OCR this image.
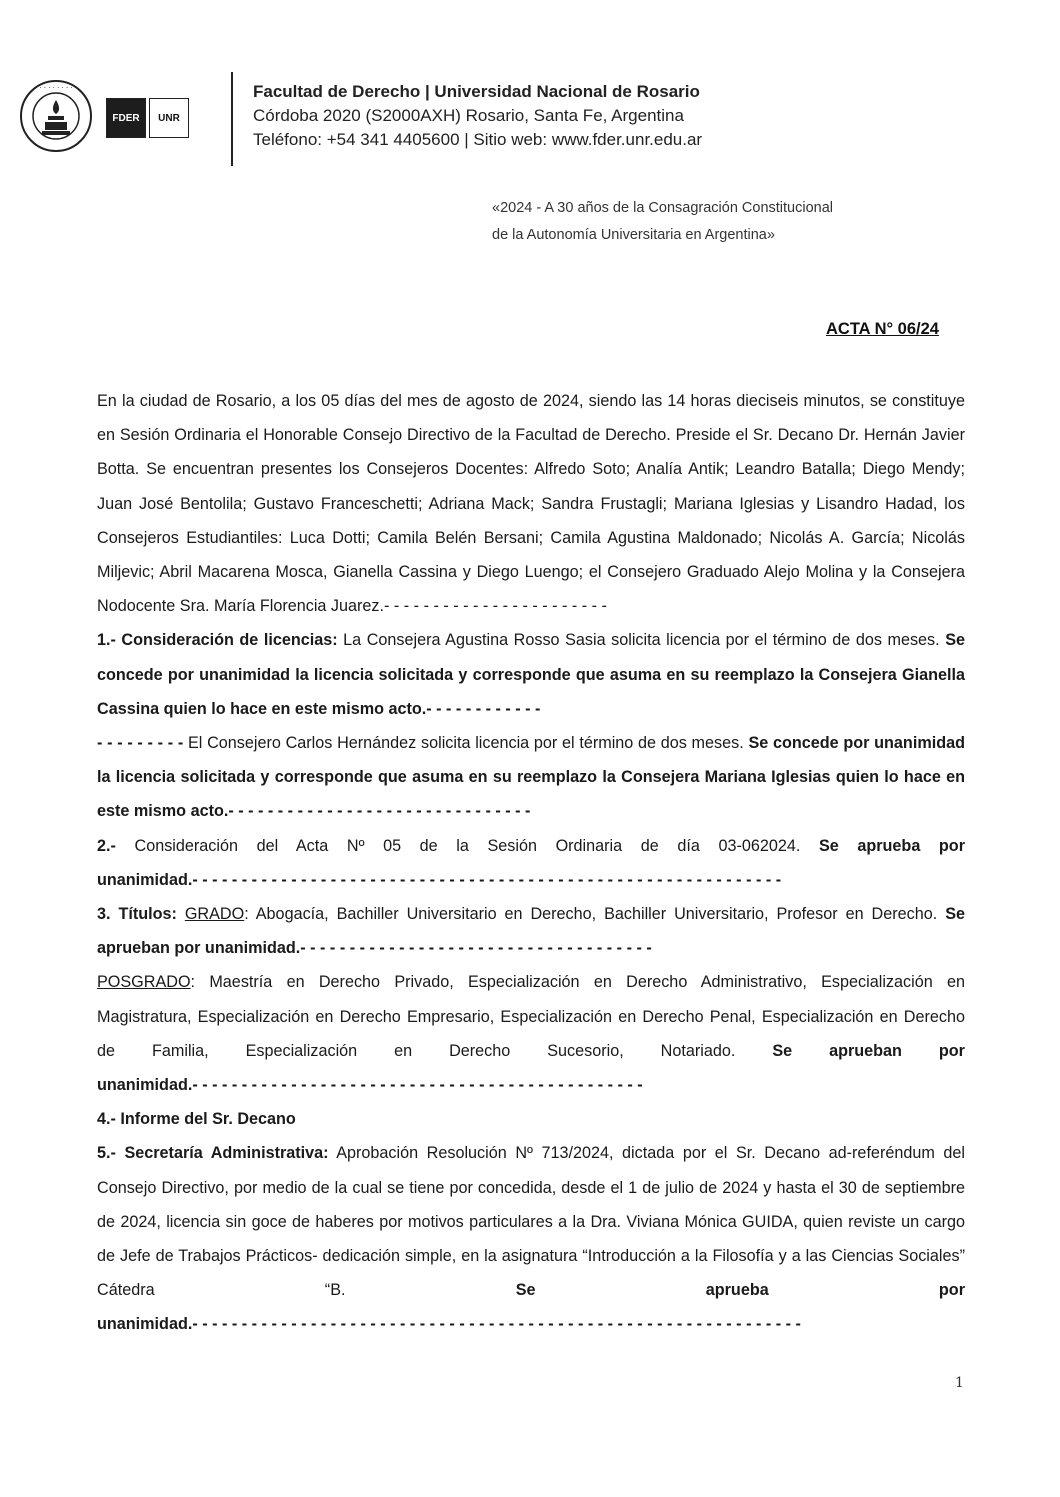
· · · · · · · ·
FDER	UNR
Facultad de Derecho | Universidad Nacional de Rosario
Córdoba 2020 (S2000AXH) Rosario, Santa Fe, Argentina
Teléfono: +54 341 4405600 | Sitio web: www.fder.unr.edu.ar
«2024 - A 30 años de la Consagración Constitucional
de la Autonomía Universitaria en Argentina»
ACTA N° 06/24

En la ciudad de Rosario, a los 05 días del mes de agosto de 2024, siendo las 14 horas dieciseis minutos, se constituye en Sesión Ordinaria el Honorable Consejo Directivo de la Facultad de Derecho. Preside el Sr. Decano Dr. Hernán Javier Botta. Se encuentran presentes los Consejeros Docentes: Alfredo Soto; Analía Antik; Leandro Batalla; Diego Mendy; Juan José Bentolila; Gustavo Franceschetti; Adriana Mack; Sandra Frustagli; Mariana Iglesias y Lisandro Hadad, los Consejeros Estudiantiles: Luca Dotti; Camila Belén Bersani; Camila Agustina Maldonado; Nicolás A. García; Nicolás Miljevic; Abril Macarena Mosca, Gianella Cassina y Diego Luengo; el Consejero Graduado Alejo Molina y la Consejera Nodocente Sra. María Florencia Juarez.- - - - - - - - - - - - - - - - - - - - - - -

1.- Consideración de licencias: La Consejera Agustina Rosso Sasia solicita licencia por el término de dos meses. Se concede por unanimidad la licencia solicitada y corresponde que asuma en su reemplazo la Consejera Gianella Cassina quien lo hace en este mismo acto.- - - - - - - - - - - -

- - - - - - - - - El Consejero Carlos Hernández solicita licencia por el término de dos meses. Se concede por unanimidad la licencia solicitada y corresponde que asuma en su reemplazo la Consejera Mariana Iglesias quien lo hace en este mismo acto.- - - - - - - - - - - - - - - - - - - - - - - - - - - - - - -

2.- Consideración del Acta Nº 05 de la Sesión Ordinaria de día 03-062024. Se aprueba por unanimidad.- - - - - - - - - - - - - - - - - - - - - - - - - - - - - - - - - - - - - - - - - - - - - - - - - - - - - - - - - - - -

3. Títulos: GRADO: Abogacía, Bachiller Universitario en Derecho, Bachiller Universitario, Profesor en Derecho. Se aprueban por unanimidad.- - - - - - - - - - - - - - - - - - - - - - - - - - - - - - - - - - - -

POSGRADO: Maestría en Derecho Privado, Especialización en Derecho Administrativo, Especialización en Magistratura, Especialización en Derecho Empresario, Especialización en Derecho Penal, Especialización en Derecho de Familia, Especialización en Derecho Sucesorio, Notariado. Se aprueban por unanimidad.- - - - - - - - - - - - - - - - - - - - - - - - - - - - - - - - - - - - - - - - - - - - - -

4.- Informe del Sr. Decano

5.- Secretaría Administrativa: Aprobación Resolución Nº 713/2024, dictada por el Sr. Decano ad-referéndum del Consejo Directivo, por medio de la cual se tiene por concedida, desde el 1 de julio de 2024 y hasta el 30 de septiembre de 2024, licencia sin goce de haberes por motivos particulares a la Dra. Viviana Mónica GUIDA, quien reviste un cargo de Jefe de Trabajos Prácticos- dedicación simple, en la asignatura “Introducción a la Filosofía y a las Ciencias Sociales” Cátedra “B. Se aprueba por unanimidad.- - - - - - - - - - - - - - - - - - - - - - - - - - - - - - - - - - - - - - - - - - - - - - - - - - - - - - - - - - - - - -

1
